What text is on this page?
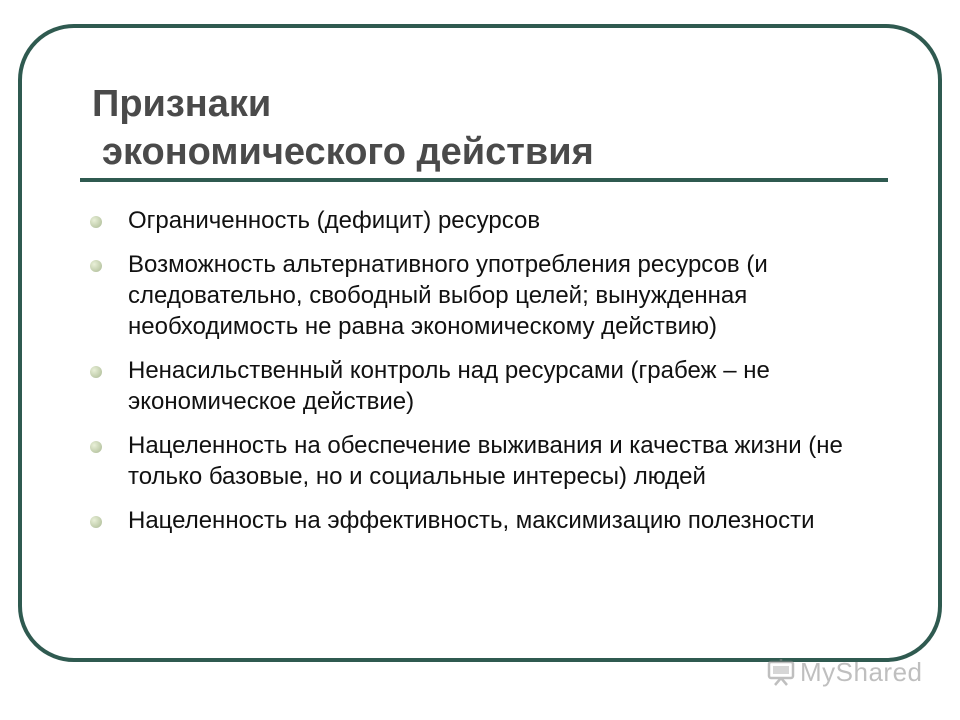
Признаки
экономического действия
Ограниченность (дефицит) ресурсов
Возможность альтернативного употребления ресурсов (и следовательно, свободный выбор целей; вынужденная необходимость не равна экономическому действию)
Ненасильственный контроль над ресурсами (грабеж – не экономическое действие)
Нацеленность на обеспечение выживания и качества жизни (не только базовые, но и социальные интересы) людей
Нацеленность на эффективность, максимизацию полезности
MyShared
